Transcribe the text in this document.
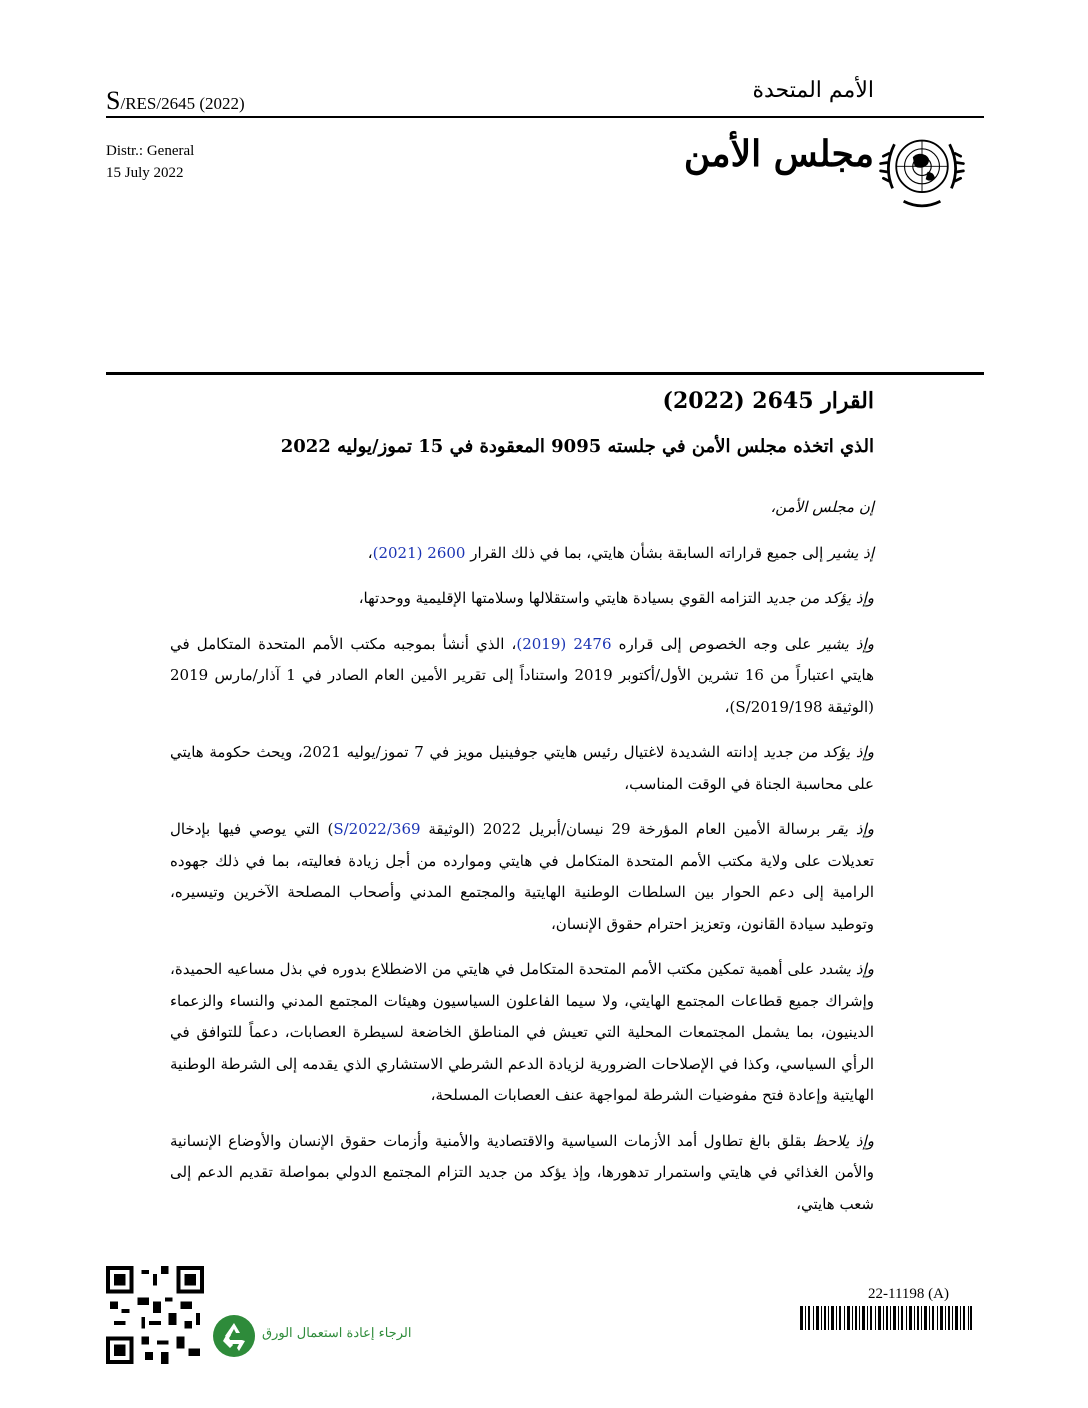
S/RES/2645 (2022)
الأمم المتحدة
Distr.: General
15 July 2022	مجلس الأمن
القرار 2645 (2022)
الذي اتخذه مجلس الأمن في جلسته 9095 المعقودة في 15 تموز/يوليه 2022

إن مجلس الأمن،

إذ يشير إلى جميع قراراته السابقة بشأن هايتي، بما في ذلك القرار 2600 (2021)،

وإذ يؤكد من جديد التزامه القوي بسيادة هايتي واستقلالها وسلامتها الإقليمية ووحدتها،

وإذ يشير على وجه الخصوص إلى قراره 2476 (2019)، الذي أنشأ بموجبه مكتب الأمم المتحدة المتكامل في هايتي اعتباراً من 16 تشرين الأول/أكتوبر 2019 واستناداً إلى تقرير الأمين العام الصادر في 1 آذار/مارس 2019 (الوثيقة S/2019/198)،

وإذ يؤكد من جديد إدانته الشديدة لاغتيال رئيس هايتي جوفينيل مويز في 7 تموز/يوليه 2021، ويحث حكومة هايتي على محاسبة الجناة في الوقت المناسب،

وإذ يقر برسالة الأمين العام المؤرخة 29 نيسان/أبريل 2022 (الوثيقة S/2022/369) التي يوصي فيها بإدخال تعديلات على ولاية مكتب الأمم المتحدة المتكامل في هايتي وموارده من أجل زيادة فعاليته، بما في ذلك جهوده الرامية إلى دعم الحوار بين السلطات الوطنية الهايتية والمجتمع المدني وأصحاب المصلحة الآخرين وتيسيره، وتوطيد سيادة القانون، وتعزيز احترام حقوق الإنسان،

وإذ يشدد على أهمية تمكين مكتب الأمم المتحدة المتكامل في هايتي من الاضطلاع بدوره في بذل مساعيه الحميدة، وإشراك جميع قطاعات المجتمع الهايتي، ولا سيما الفاعلون السياسيون وهيئات المجتمع المدني والنساء والزعماء الدينيون، بما يشمل المجتمعات المحلية التي تعيش في المناطق الخاضعة لسيطرة العصابات، دعماً للتوافق في الرأي السياسي، وكذا في الإصلاحات الضرورية لزيادة الدعم الشرطي الاستشاري الذي يقدمه إلى الشرطة الوطنية الهايتية وإعادة فتح مفوضيات الشرطة لمواجهة عنف العصابات المسلحة،

وإذ يلاحظ بقلق بالغ تطاول أمد الأزمات السياسية والاقتصادية والأمنية وأزمات حقوق الإنسان والأوضاع الإنسانية والأمن الغذائي في هايتي واستمرار تدهورها، وإذ يؤكد من جديد التزام المجتمع الدولي بمواصلة تقديم الدعم إلى شعب هايتي،

الرجاء إعادة استعمال الورق
22-11198 (A)
